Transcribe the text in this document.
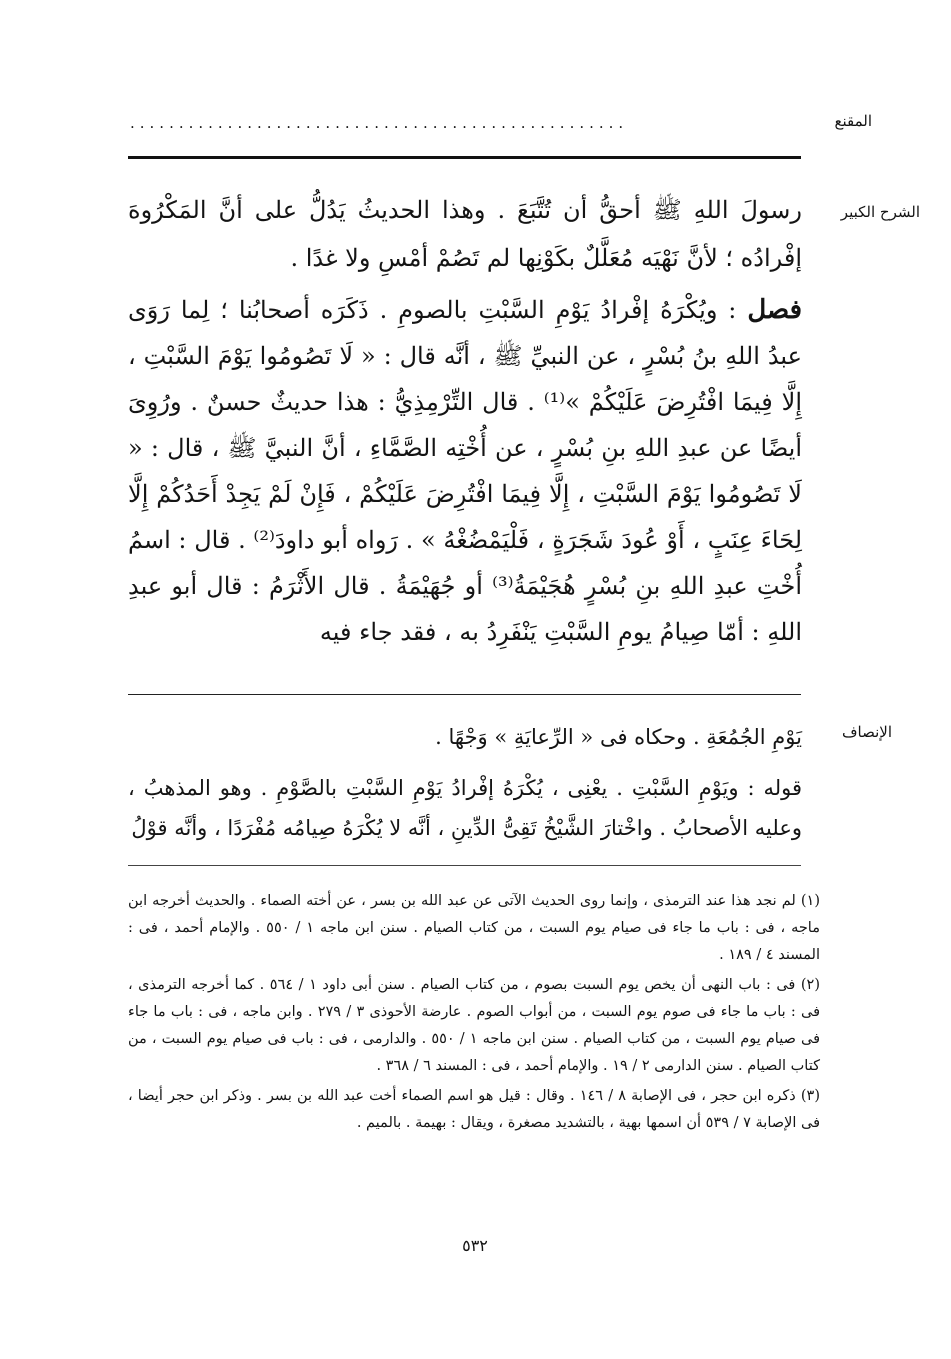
المقنع
...................................................
الشرح الكبير
رسولَ اللهِ ﷺ أحقُّ أن تُتَّبَعَ . وهذا الحديثُ يَدُلُّ على أنَّ المَكْرُوهَ إفْرادُه ؛ لأنَّ نَهْيَه مُعَلَّلٌ بكَوْنِها لم تَصُمْ أمْسِ ولا غدًا .
فصل : ويُكْرَهُ إفْرادُ يَوْمِ السَّبْتِ بالصومِ . ذَكَرَه أصحابُنا ؛ لِما رَوَى عبدُ اللهِ بنُ بُسْرٍ ، عن النبيِّ ﷺ ، أنَّه قال : « لَا تَصُومُوا يَوْمَ السَّبْتِ ، إِلَّا فِيمَا افْتُرِضَ عَلَيْكُمْ »⁽¹⁾ . قال التِّرْمِذِيُّ : هذا حديثٌ حسنٌ . ورُوِىَ أيضًا عن عبدِ اللهِ بنِ بُسْرٍ ، عن أُخْتِه الصَّمَّاءِ ، أنَّ النبيَّ ﷺ ، قال : « لَا تَصُومُوا يَوْمَ السَّبْتِ ، إِلَّا فِيمَا افْتُرِضَ عَلَيْكُمْ ، فَإِنْ لَمْ يَجِدْ أَحَدُكُمْ إِلَّا لِحَاءَ عِنَبٍ ، أَوْ عُودَ شَجَرَةٍ ، فَلْيَمْضُغْهُ » . رَواه أبو داودَ⁽²⁾ . قال : اسمُ أُخْتِ عبدِ اللهِ بنِ بُسْرٍ هُجَيْمَةُ⁽³⁾ أو جُهَيْمَةُ . قال الأَثْرَمُ : قال أبو عبدِ اللهِ : أمّا صِيامُ يومِ السَّبْتِ يَنْفَرِدُ به ، فقد جاء فيه
الإنصاف
يَوْمِ الجُمُعَةِ . وحكاه فى « الرِّعايَةِ » وَجْهًا .
قوله : ويَوْمِ السَّبْتِ . يعْنِى ، يُكْرَهُ إفْرادُ يَوْمِ السَّبْتِ بالصَّوْمِ . وهو المذهبُ ، وعليه الأصحابُ . واخْتارَ الشَّيْخُ تَقِىُّ الدِّينِ ، أنَّه لا يُكْرَهُ صِيامُه مُفْرَدًا ، وأنَّه قوْلُ

(١) لم نجد هذا عند الترمذى ، وإنما روى الحديث الآتى عن عبد الله بن بسر ، عن أخته الصماء . والحديث أخرجه ابن ماجه ، فى : باب ما جاء فى صيام يوم السبت ، من كتاب الصيام . سنن ابن ماجه ١ / ٥٥٠ . والإمام أحمد ، فى : المسند ٤ / ١٨٩ .

(٢) فى : باب النهى أن يخص يوم السبت بصوم ، من كتاب الصيام . سنن أبى داود ١ / ٥٦٤ . كما أخرجه الترمذى ، فى : باب ما جاء فى صوم يوم السبت ، من أبواب الصوم . عارضة الأحوذى ٣ / ٢٧٩ . وابن ماجه ، فى : باب ما جاء فى صيام يوم السبت ، من كتاب الصيام . سنن ابن ماجه ١ / ٥٥٠ . والدارمى ، فى : باب فى صيام يوم السبت ، من كتاب الصيام . سنن الدارمى ٢ / ١٩ . والإمام أحمد ، فى : المسند ٦ / ٣٦٨ .

(٣) ذكره ابن حجر ، فى الإصابة ٨ / ١٤٦ . وقال : قيل هو اسم الصماء أخت عبد الله بن بسر . وذكر ابن حجر أيضا ، فى الإصابة ٧ / ٥٣٩ أن اسمها بهية ، بالتشديد مصغرة ، ويقال : بهيمة . بالميم .

٥٣٢
